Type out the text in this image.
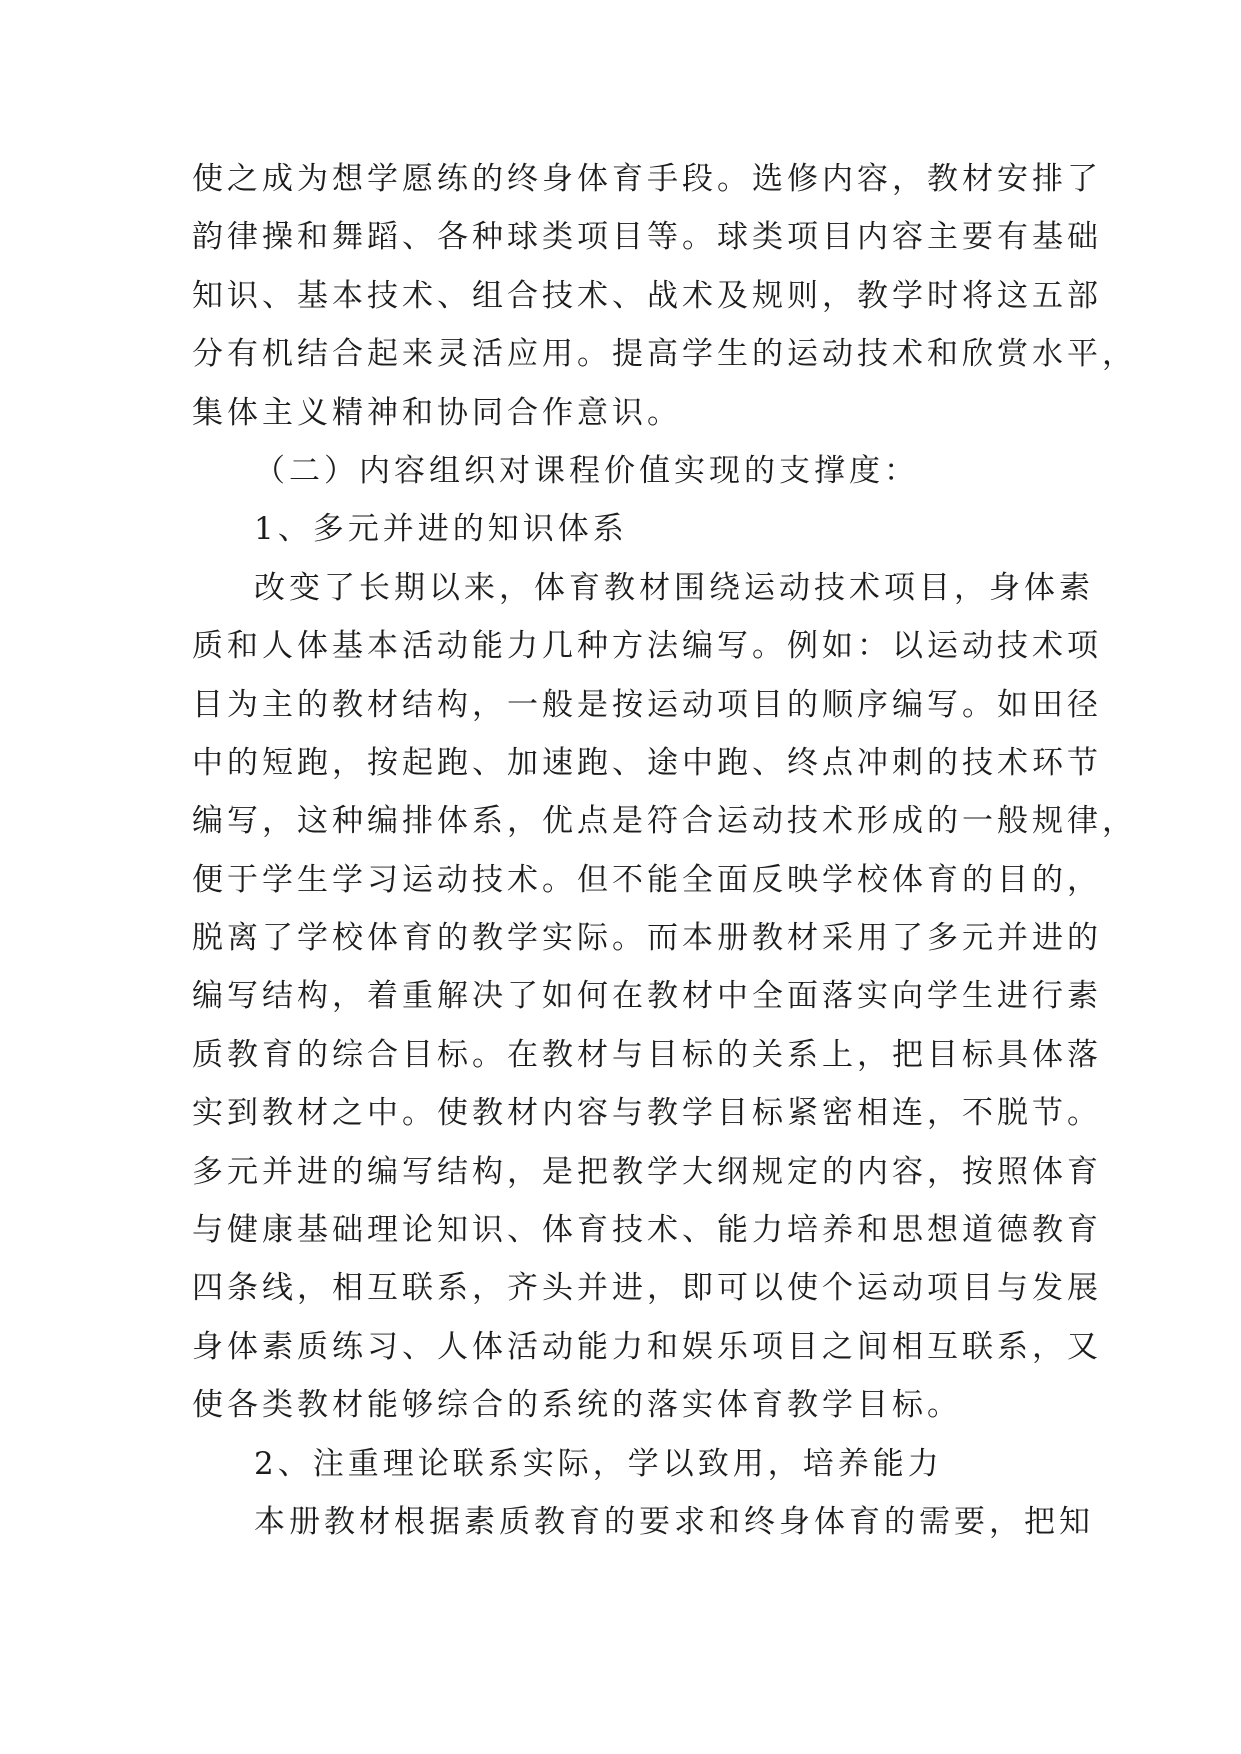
使之成为想学愿练的终身体育手段。选修内容，教材安排了
韵律操和舞蹈、各种球类项目等。球类项目内容主要有基础
知识、基本技术、组合技术、战术及规则，教学时将这五部
分有机结合起来灵活应用。提高学生的运动技术和欣赏水平，
集体主义精神和协同合作意识。
（二）内容组织对课程价值实现的支撑度：
1、多元并进的知识体系
改变了长期以来，体育教材围绕运动技术项目，身体素
质和人体基本活动能力几种方法编写。例如：以运动技术项
目为主的教材结构，一般是按运动项目的顺序编写。如田径
中的短跑，按起跑、加速跑、途中跑、终点冲刺的技术环节
编写，这种编排体系，优点是符合运动技术形成的一般规律，
便于学生学习运动技术。但不能全面反映学校体育的目的，
脱离了学校体育的教学实际。而本册教材采用了多元并进的
编写结构，着重解决了如何在教材中全面落实向学生进行素
质教育的综合目标。在教材与目标的关系上，把目标具体落
实到教材之中。使教材内容与教学目标紧密相连，不脱节。
多元并进的编写结构，是把教学大纲规定的内容，按照体育
与健康基础理论知识、体育技术、能力培养和思想道德教育
四条线，相互联系，齐头并进，即可以使个运动项目与发展
身体素质练习、人体活动能力和娱乐项目之间相互联系，又
使各类教材能够综合的系统的落实体育教学目标。
2、注重理论联系实际，学以致用，培养能力
本册教材根据素质教育的要求和终身体育的需要，把知
